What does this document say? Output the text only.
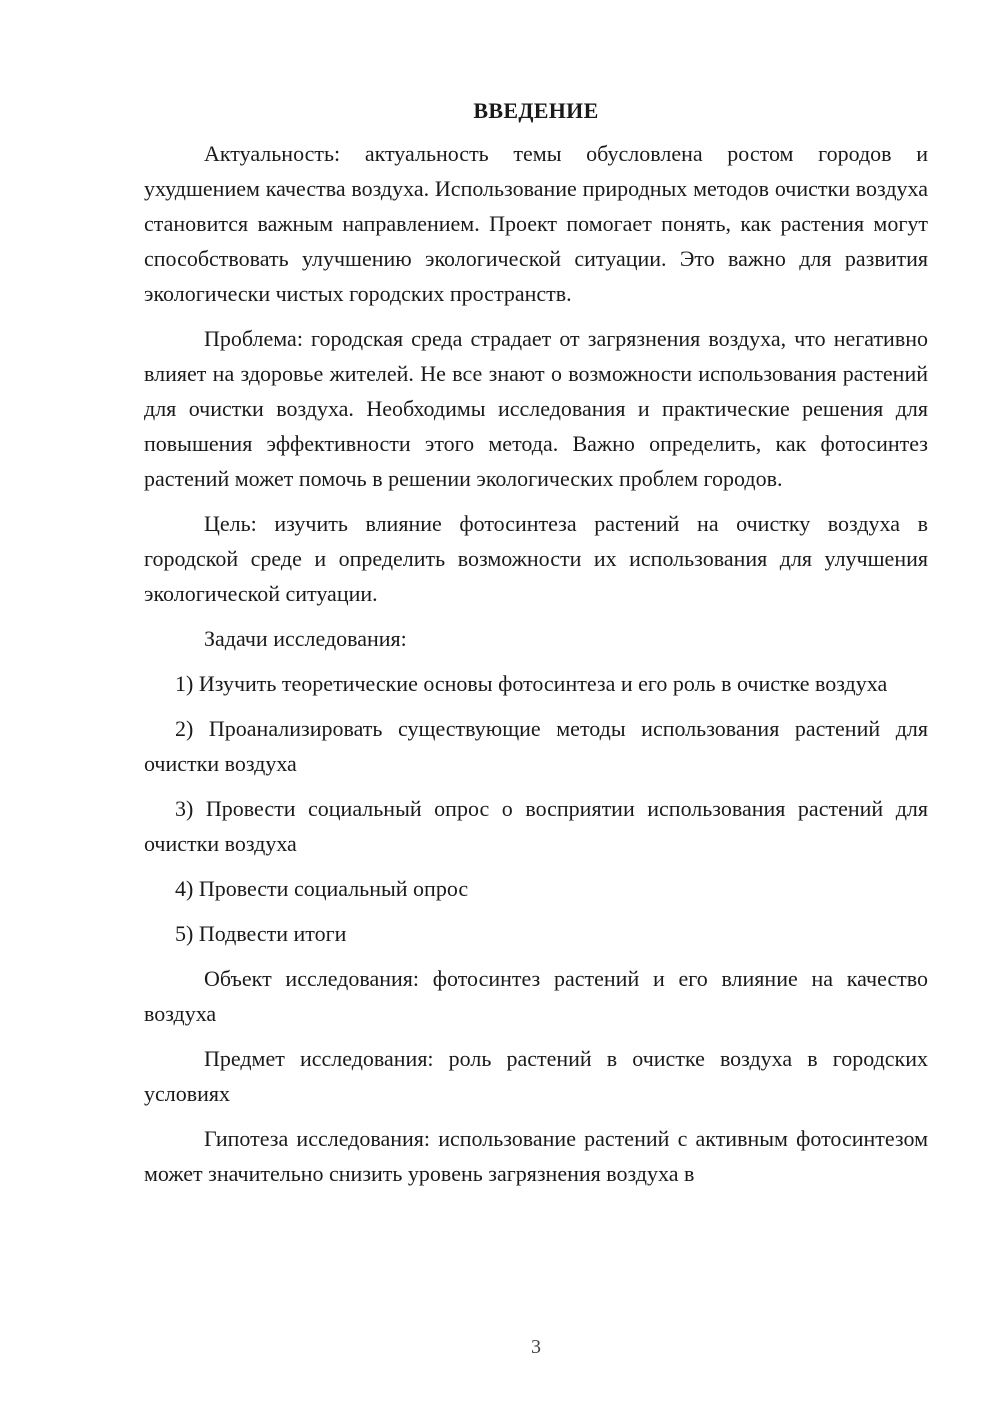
ВВЕДЕНИЕ

Актуальность: актуальность темы обусловлена ростом городов и ухудшением качества воздуха. Использование природных методов очистки воздуха становится важным направлением. Проект помогает понять, как растения могут способствовать улучшению экологической ситуации. Это важно для развития экологически чистых городских пространств.

Проблема: городская среда страдает от загрязнения воздуха, что негативно влияет на здоровье жителей. Не все знают о возможности использования растений для очистки воздуха. Необходимы исследования и практические решения для повышения эффективности этого метода. Важно определить, как фотосинтез растений может помочь в решении экологических проблем городов.

Цель: изучить влияние фотосинтеза растений на очистку воздуха в городской среде и определить возможности их использования для улучшения экологической ситуации.

Задачи исследования:

1) Изучить теоретические основы фотосинтеза и его роль в очистке воздуха

2) Проанализировать существующие методы использования растений для очистки воздуха

3) Провести социальный опрос о восприятии использования растений для очистки воздуха

4) Провести социальный опрос

5) Подвести итоги

Объект исследования: фотосинтез растений и его влияние на качество воздуха

Предмет исследования: роль растений в очистке воздуха в городских условиях

Гипотеза исследования: использование растений с активным фотосинтезом может значительно снизить уровень загрязнения воздуха в

3
